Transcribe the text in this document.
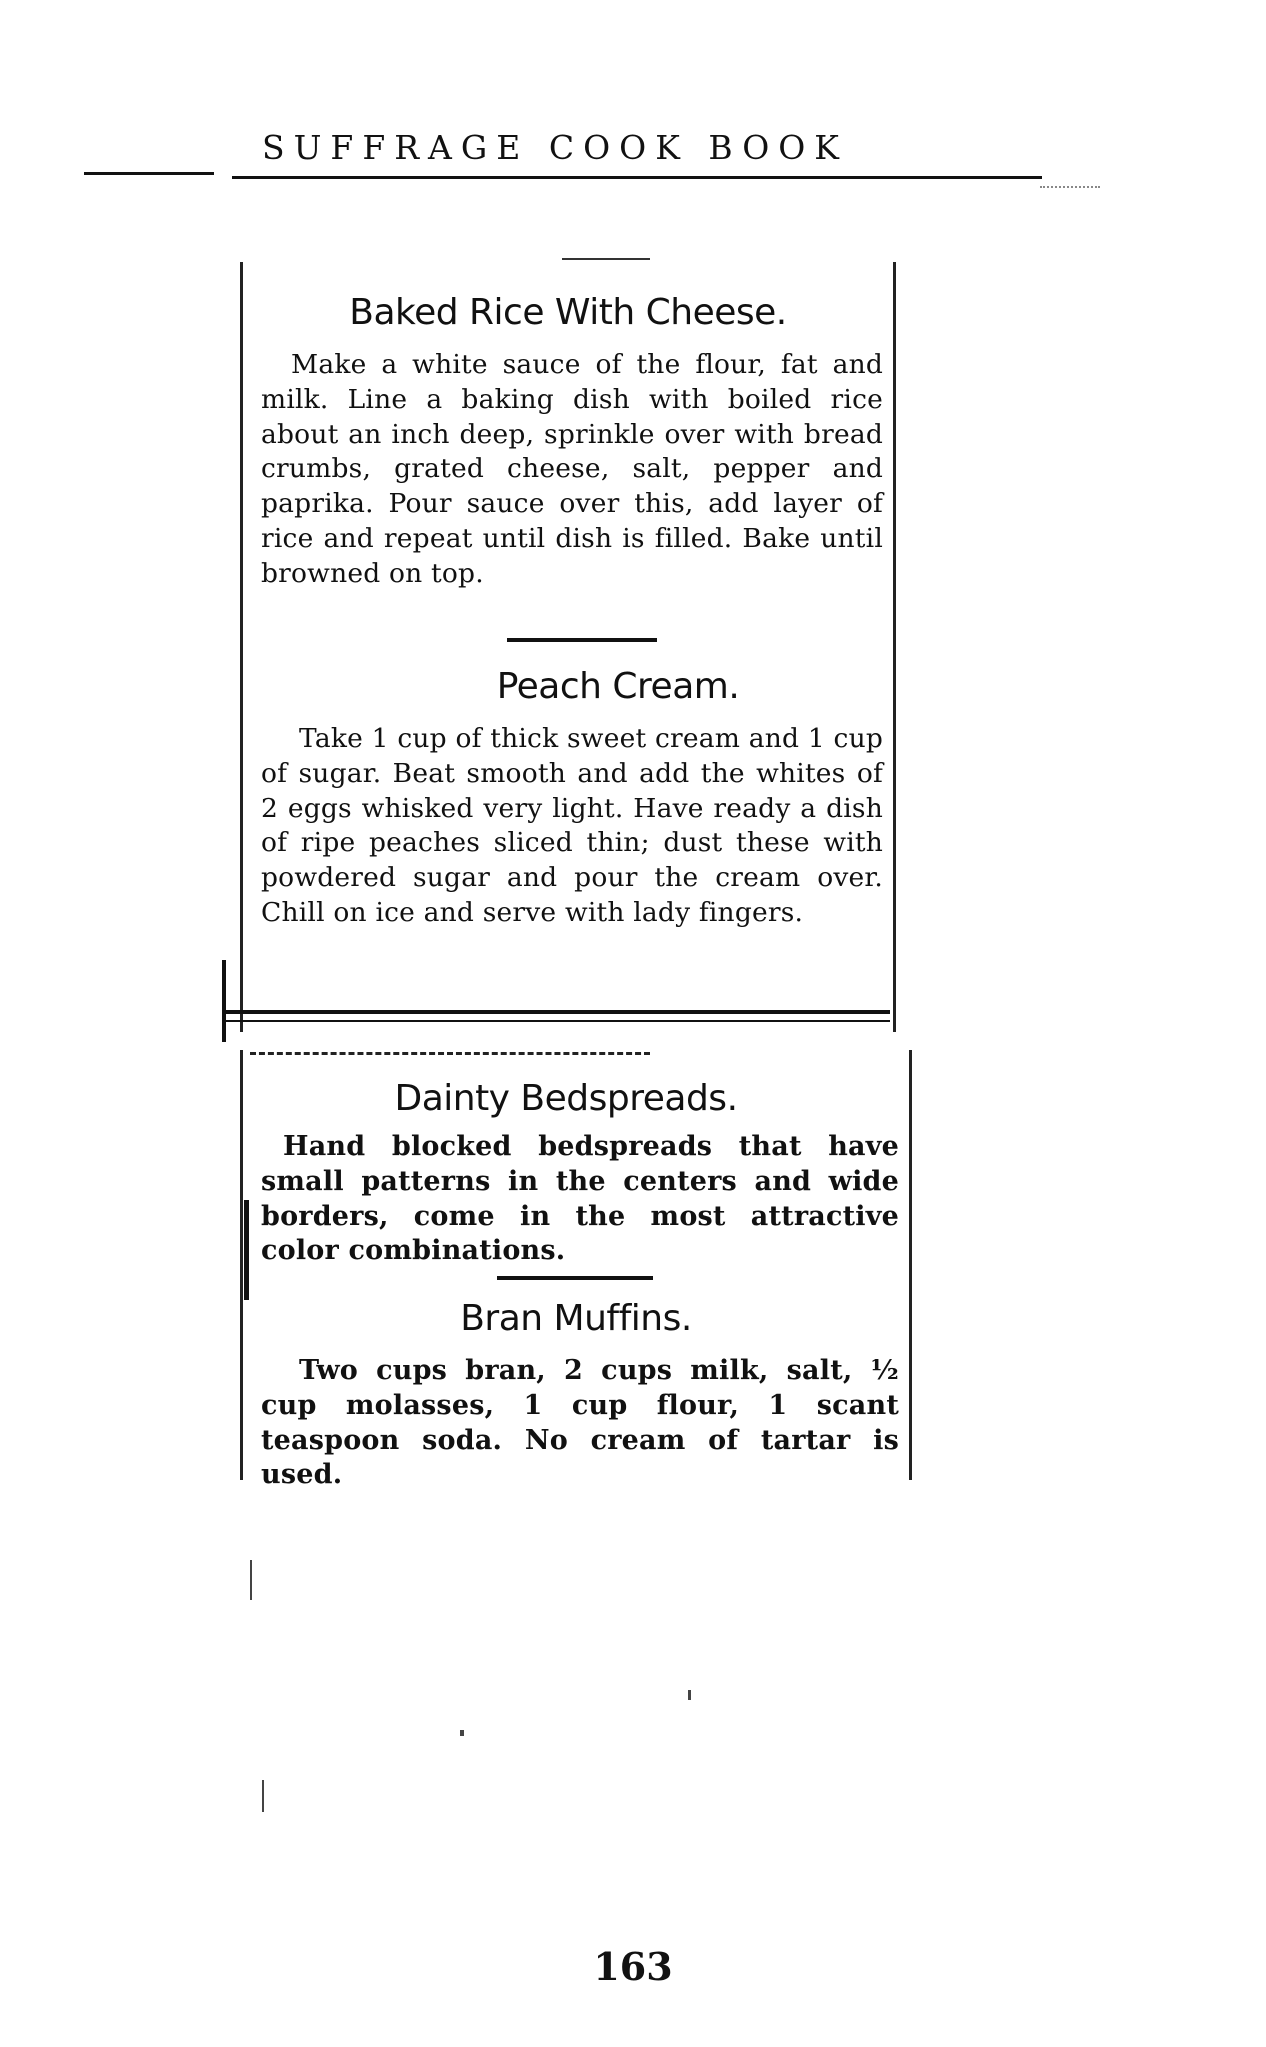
SUFFRAGE COOK BOOK
Baked Rice With Cheese.
Make a white sauce of the flour, fat and milk. Line a baking dish with boiled rice about an inch deep, sprinkle over with bread crumbs, grated cheese, salt, pepper and paprika. Pour sauce over this, add layer of rice and repeat until dish is filled. Bake until browned on top.
Peach Cream.
Take 1 cup of thick sweet cream and 1 cup of sugar. Beat smooth and add the whites of 2 eggs whisked very light. Have ready a dish of ripe peaches sliced thin; dust these with powdered sugar and pour the cream over. Chill on ice and serve with lady fingers.
Dainty Bedspreads.
Hand blocked bedspreads that have small patterns in the centers and wide borders, come in the most attractive color combinations.
Bran Muffins.
Two cups bran, 2 cups milk, salt, ½ cup molasses, 1 cup flour, 1 scant teaspoon soda. No cream of tartar is used.
163
